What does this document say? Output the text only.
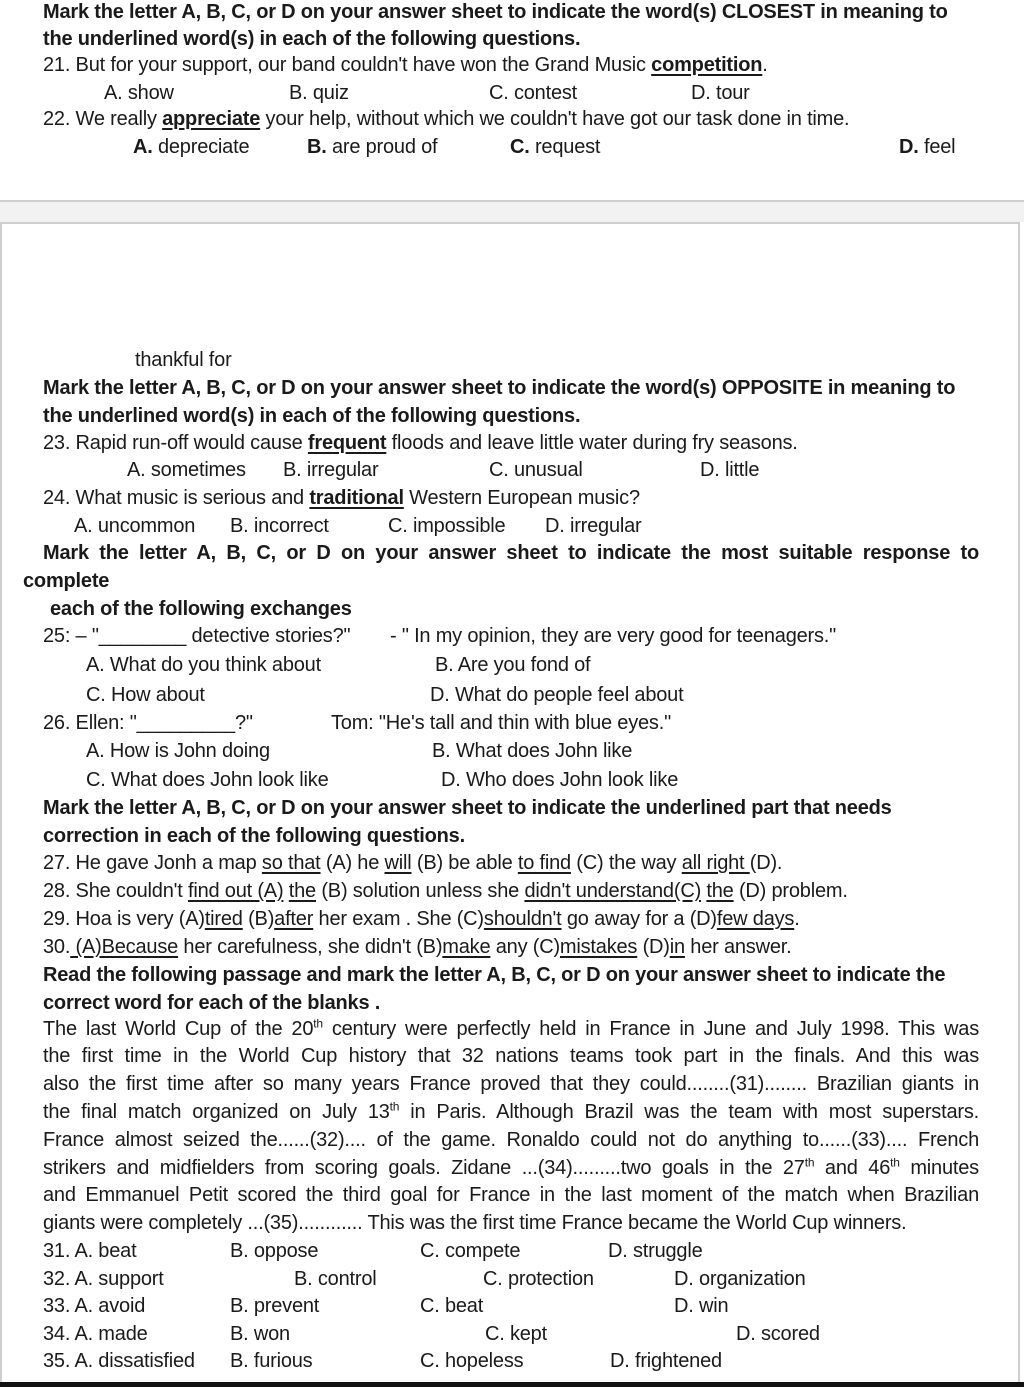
Mark the letter A, B, C, or D on your answer sheet to indicate the word(s) CLOSEST in meaning to
the underlined word(s) in each of the following questions.
21. But for your support, our band couldn't have won the Grand Music competition.
A. show	B. quiz	C. contest	D. tour
22. We really appreciate your help, without which we couldn't have got our task done in time.
A. depreciate	B. are proud of	C. request	D. feel
thankful for
Mark the letter A, B, C, or D on your answer sheet to indicate the word(s) OPPOSITE in meaning to
the underlined word(s) in each of the following questions.
23. Rapid run-off would cause frequent floods and leave little water during fry seasons.
A. sometimes B. irregular	C. unusual	D. little
24. What music is serious and traditional Western European music?
A. uncommon B. incorrect	C. impossible D. irregular
Mark the letter A, B, C, or D on your answer sheet to indicate the most suitable response to
complete
each of the following exchanges
25: – "________ detective stories?" - " In my opinion, they are very good for teenagers."
A. What do you think about	B. Are you fond of
C. How about	D. What do people feel about
26. Ellen: "_________?"	Tom: "He's tall and thin with blue eyes."
A. How is John doing	B. What does John like
C. What does John look like	D. Who does John look like
Mark the letter A, B, C, or D on your answer sheet to indicate the underlined part that needs
correction in each of the following questions.
27. He gave Jonh a map so that (A) he will (B) be able to find (C) the way all right (D).
28. She couldn't find out (A) the (B) solution unless she didn't understand(C) the (D) problem.
29. Hoa is very (A)tired (B)after her exam . She (C)shouldn't go away for a (D)few days.
30. (A)Because her carefulness, she didn't (B)make any (C)mistakes (D)in her answer.
Read the following passage and mark the letter A, B, C, or D on your answer sheet to indicate the
correct word for each of the blanks .
The last World Cup of the 20th century were perfectly held in France in June and July 1998. This was
the first time in the World Cup history that 32 nations teams took part in the finals. And this was
also the first time after so many years France proved that they could........(31)........ Brazilian giants in
the final match organized on July 13th in Paris. Although Brazil was the team with most superstars.
France almost seized the......(32).... of the game. Ronaldo could not do anything to......(33).... French
strikers and midfielders from scoring goals. Zidane ...(34).........two goals in the 27th and 46th minutes
and Emmanuel Petit scored the third goal for France in the last moment of the match when Brazilian
giants were completely ...(35)............ This was the first time France became the World Cup winners.
31. A. beat	B. oppose	C. compete	D. struggle
32. A. support	B. control	C. protection	D. organization
33. A. avoid	B. prevent	C. beat	D. win
34. A. made	B. won	C. kept	D. scored
35. A. dissatisfied B. furious	C. hopeless	D. frightened
